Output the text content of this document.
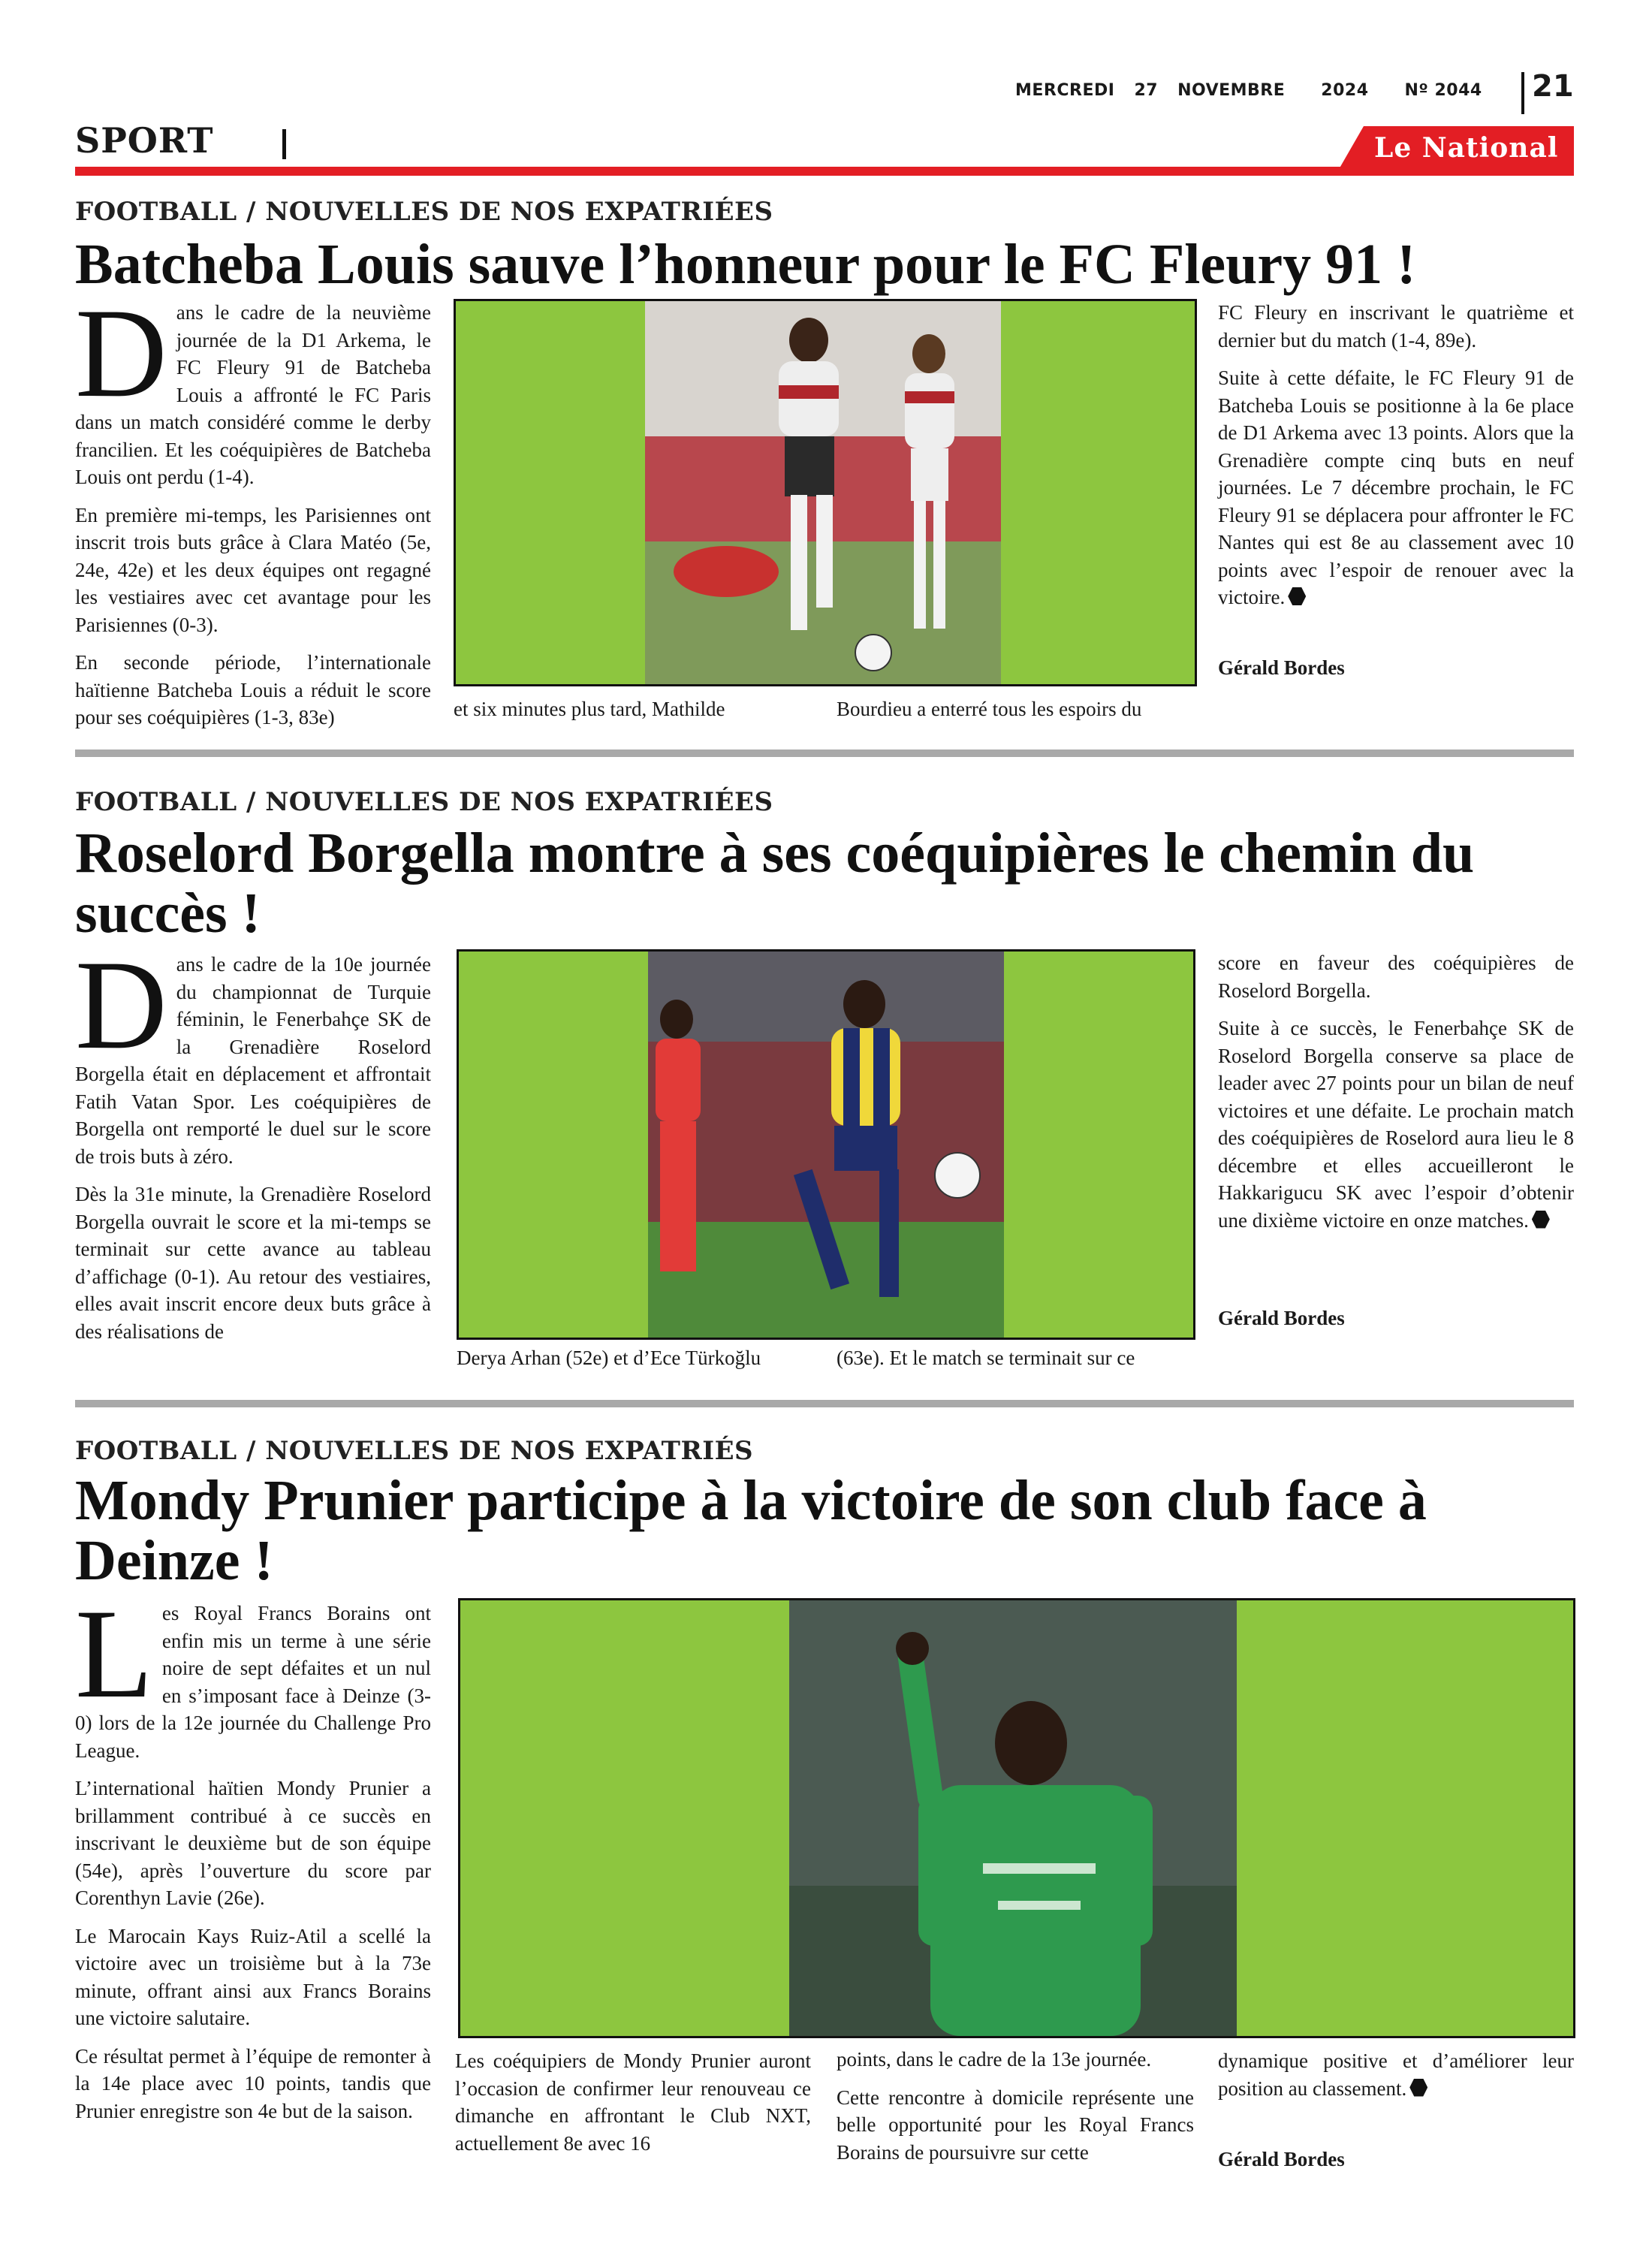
MERCREDI 27 NOVEMBRE 2024 Nº 2044 21
SPORT	Le National
FOOTBALL / NOUVELLES DE NOS EXPATRIÉES
Batcheba Louis sauve l’honneur pour le FC Fleury 91 !

Dans le cadre de la neuvième journée de la D1 Arkema, le FC Fleury 91 de Batcheba Louis a affronté le FC Paris dans un match considéré comme le derby francilien. Et les coéquipières de Batcheba Louis ont perdu (1-4).

En première mi-temps, les Parisiennes ont inscrit trois buts grâce à Clara Matéo (5e, 24e, 42e) et les deux équipes ont regagné les vestiaires avec cet avantage pour les Parisiennes (0-3).

En seconde période, l’internationale haïtienne Batcheba Louis a réduit le score pour ses coéquipières (1-3, 83e)	et six minutes plus tard, Mathilde	Bourdieu a enterré tous les espoirs du

FC Fleury en inscrivant le quatrième et dernier but du match (1-4, 89e).

Suite à cette défaite, le FC Fleury 91 de Batcheba Louis se positionne à la 6e place de D1 Arkema avec 13 points. Alors que la Grenadière compte cinq buts en neuf journées. Le 7 décembre prochain, le FC Fleury 91 se déplacera pour affronter le FC Nantes qui est 8e au classement avec 10 points avec l’espoir de renouer avec la victoire.

Gérald Bordes
FOOTBALL / NOUVELLES DE NOS EXPATRIÉES
Roselord Borgella montre à ses coéquipières le chemin du succès !

Dans le cadre de la 10e journée du championnat de Turquie féminin, le Fenerbahçe SK de la Grenadière Roselord Borgella était en déplacement et affrontait Fatih Vatan Spor. Les coéquipières de Borgella ont remporté le duel sur le score de trois buts à zéro.

Dès la 31e minute, la Grenadière Roselord Borgella ouvrait le score et la mi-temps se terminait sur cette avance au tableau d’affichage (0-1). Au retour des vestiaires, elles avait inscrit encore deux buts grâce à des réalisations de

Derya Arhan (52e) et d’Ece Türkoğlu	(63e). Et le match se terminait sur ce

score en faveur des coéquipières de Roselord Borgella.

Suite à ce succès, le Fenerbahçe SK de Roselord Borgella conserve sa place de leader avec 27 points pour un bilan de neuf victoires et une défaite. Le prochain match des coéquipières de Roselord aura lieu le 8 décembre et elles accueilleront le Hakkarigucu SK avec l’espoir d’obtenir une dixième victoire en onze matches.

Gérald Bordes
FOOTBALL / NOUVELLES DE NOS EXPATRIÉS
Mondy Prunier participe à la victoire de son club face à Deinze !

Les Royal Francs Borains ont enfin mis un terme à une série noire de sept défaites et un nul en s’imposant face à Deinze (3-0) lors de la 12e journée du Challenge Pro League.

L’international haïtien Mondy Prunier a brillamment contribué à ce succès en inscrivant le deuxième but de son équipe (54e), après l’ouverture du score par Corenthyn Lavie (26e).

Le Marocain Kays Ruiz-Atil a scellé la victoire avec un troisième but à la 73e minute, offrant ainsi aux Francs Borains une victoire salutaire.

Ce résultat permet à l’équipe de remonter à la 14e place avec 10 points, tandis que Prunier enregistre son 4e but de la saison.

Les coéquipiers de Mondy Prunier auront l’occasion de confirmer leur renouveau ce dimanche en affrontant le Club NXT, actuellement 8e avec 16

points, dans le cadre de la 13e journée.

Cette rencontre à domicile représente une belle opportunité pour les Royal Francs Borains de poursuivre sur cette

dynamique positive et d’améliorer leur position au classement.

Gérald Bordes
